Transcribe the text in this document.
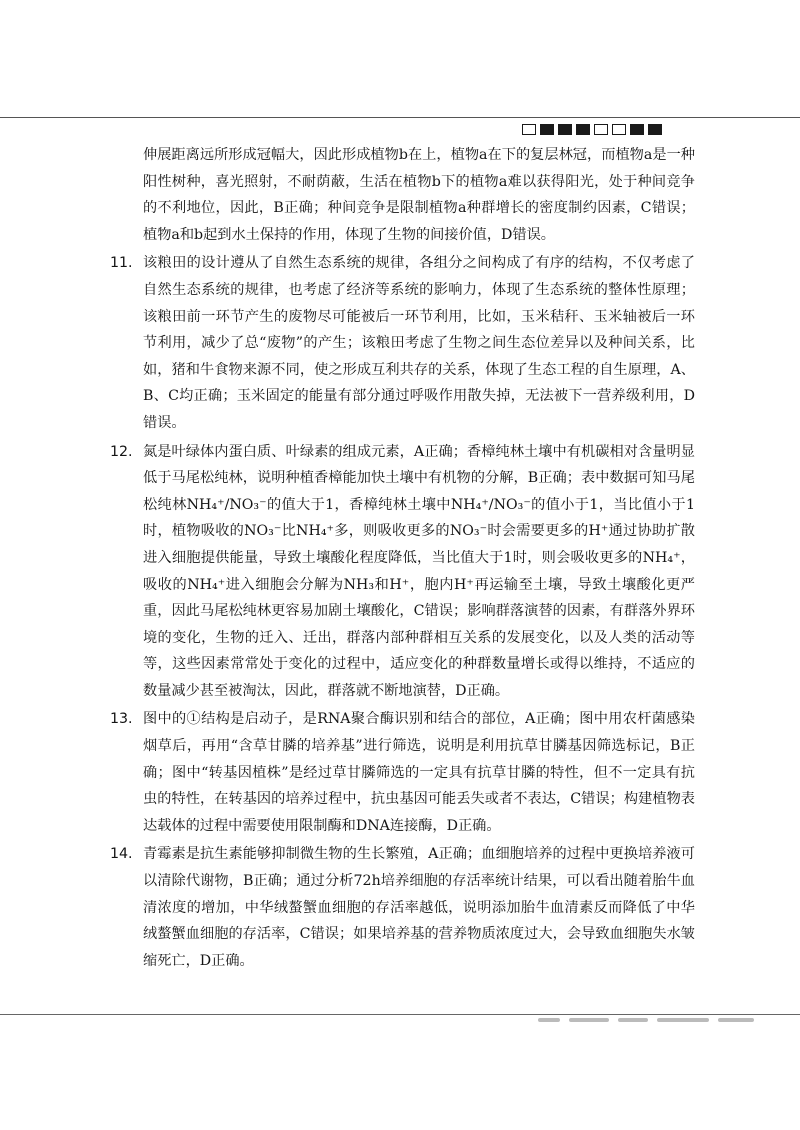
伸展距离远所形成冠幅大，因此形成植物b在上，植物a在下的复层林冠，而植物a是一种阳性树种，喜光照射，不耐荫蔽，生活在植物b下的植物a难以获得阳光，处于种间竞争的不利地位，因此，B正确；种间竞争是限制植物a种群增长的密度制约因素，C错误；植物a和b起到水土保持的作用，体现了生物的间接价值，D错误。
11. 该粮田的设计遵从了自然生态系统的规律，各组分之间构成了有序的结构，不仅考虑了自然生态系统的规律，也考虑了经济等系统的影响力，体现了生态系统的整体性原理；该粮田前一环节产生的废物尽可能被后一环节利用，比如，玉米秸秆、玉米轴被后一环节利用，减少了总“废物”的产生；该粮田考虑了生物之间生态位差异以及种间关系，比如，猪和牛食物来源不同，使之形成互利共存的关系，体现了生态工程的自生原理，A、B、C均正确；玉米固定的能量有部分通过呼吸作用散失掉，无法被下一营养级利用，D错误。
12. 氮是叶绿体内蛋白质、叶绿素的组成元素，A正确；香樟纯林土壤中有机碳相对含量明显低于马尾松纯林，说明种植香樟能加快土壤中有机物的分解，B正确；表中数据可知马尾松纯林NH₄⁺/NO₃⁻的值大于1，香樟纯林土壤中NH₄⁺/NO₃⁻的值小于1，当比值小于1时，植物吸收的NO₃⁻比NH₄⁺多，则吸收更多的NO₃⁻时会需要更多的H⁺通过协助扩散进入细胞提供能量，导致土壤酸化程度降低，当比值大于1时，则会吸收更多的NH₄⁺，吸收的NH₄⁺进入细胞会分解为NH₃和H⁺，胞内H⁺再运输至土壤，导致土壤酸化更严重，因此马尾松纯林更容易加剧土壤酸化，C错误；影响群落演替的因素，有群落外界环境的变化，生物的迁入、迁出，群落内部种群相互关系的发展变化，以及人类的活动等等，这些因素常常处于变化的过程中，适应变化的种群数量增长或得以维持，不适应的数量减少甚至被淘汰，因此，群落就不断地演替，D正确。
13. 图中的①结构是启动子，是RNA聚合酶识别和结合的部位，A正确；图中用农杆菌感染烟草后，再用“含草甘膦的培养基”进行筛选，说明是利用抗草甘膦基因筛选标记，B正确；图中“转基因植株”是经过草甘膦筛选的一定具有抗草甘膦的特性，但不一定具有抗虫的特性，在转基因的培养过程中，抗虫基因可能丢失或者不表达，C错误；构建植物表达载体的过程中需要使用限制酶和DNA连接酶，D正确。
14. 青霉素是抗生素能够抑制微生物的生长繁殖，A正确；血细胞培养的过程中更换培养液可以清除代谢物，B正确；通过分析72h培养细胞的存活率统计结果，可以看出随着胎牛血清浓度的增加，中华绒螯蟹血细胞的存活率越低，说明添加胎牛血清素反而降低了中华绒螯蟹血细胞的存活率，C错误；如果培养基的营养物质浓度过大，会导致血细胞失水皱缩死亡，D正确。
